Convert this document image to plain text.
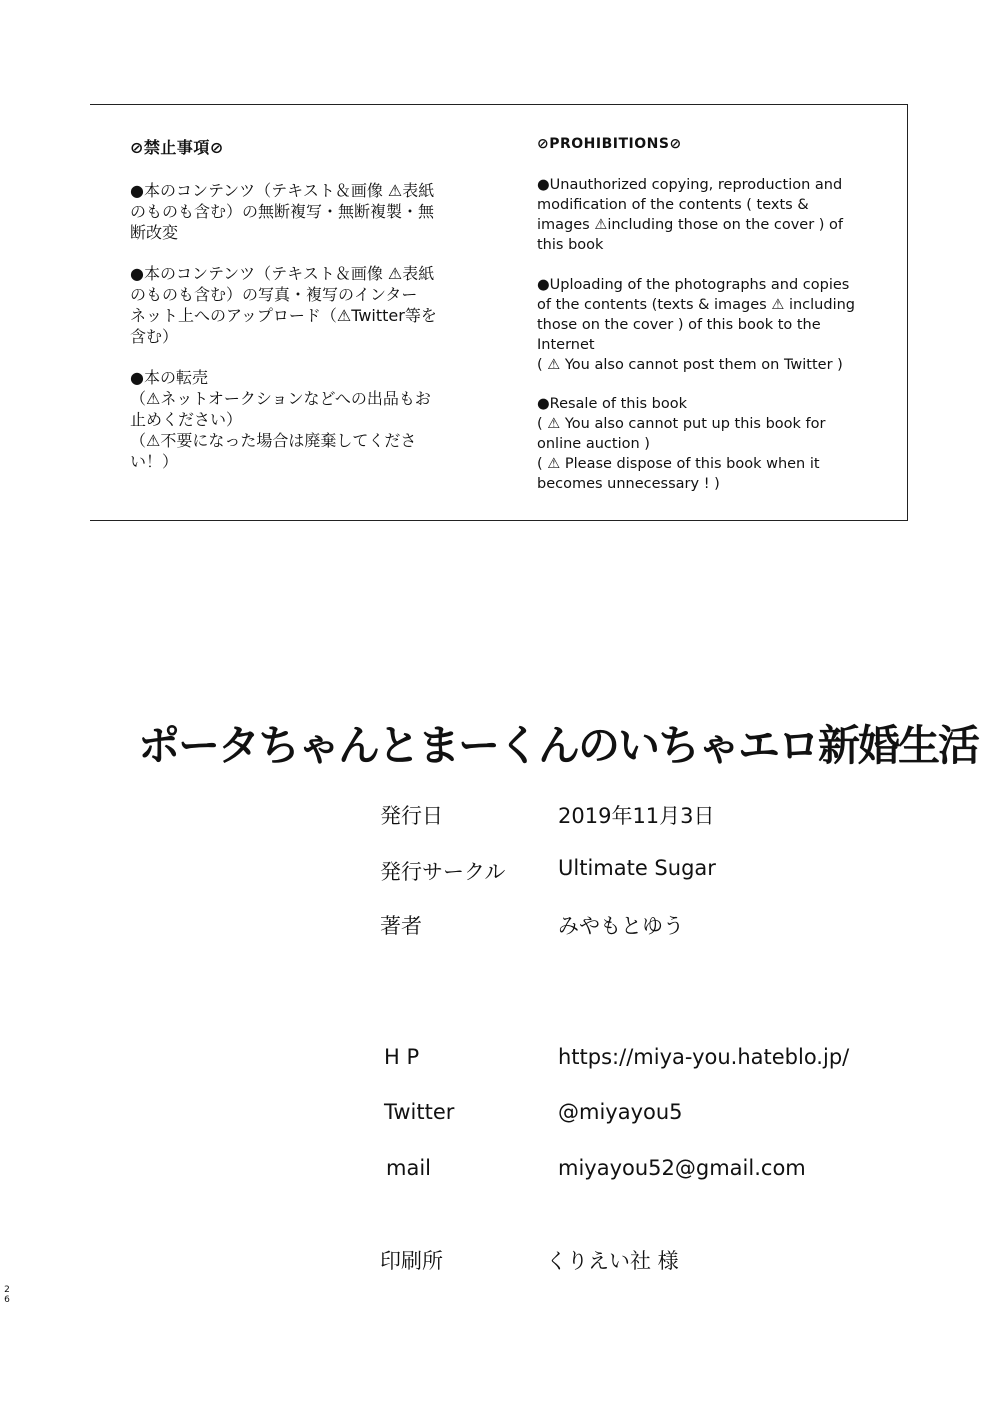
⊘禁止事項⊘
●本のコンテンツ（テキスト＆画像 ⚠表紙
のものも含む）の無断複写・無断複製・無
断改変
●本のコンテンツ（テキスト＆画像 ⚠表紙
のものも含む）の写真・複写のインター
ネット上へのアップロード（⚠Twitter等を
含む）
●本の転売
（⚠ネットオークションなどへの出品もお
止めください）
（⚠不要になった場合は廃棄してくださ
い！）
⊘PROHIBITIONS⊘
●Unauthorized copying, reproduction and
modification of the contents ( texts &
images ⚠including those on the cover ) of
this book
●Uploading of the photographs and copies
of the contents (texts & images ⚠ including
those on the cover ) of this book to the
Internet
( ⚠ You also cannot post them on Twitter )
●Resale of this book
( ⚠ You also cannot put up this book for
online auction )
( ⚠ Please dispose of this book when it
becomes unnecessary ! )
ポータちゃんとまーくんのいちゃエロ新婚生活
発行日	2019年11月3日
発行サークル	Ultimate Sugar
著者	みやもとゆう
H P	https://miya-you.hateblo.jp/
Twitter	@miyayou5
mail	miyayou52@gmail.com
印刷所	くりえい社 様
2
6
